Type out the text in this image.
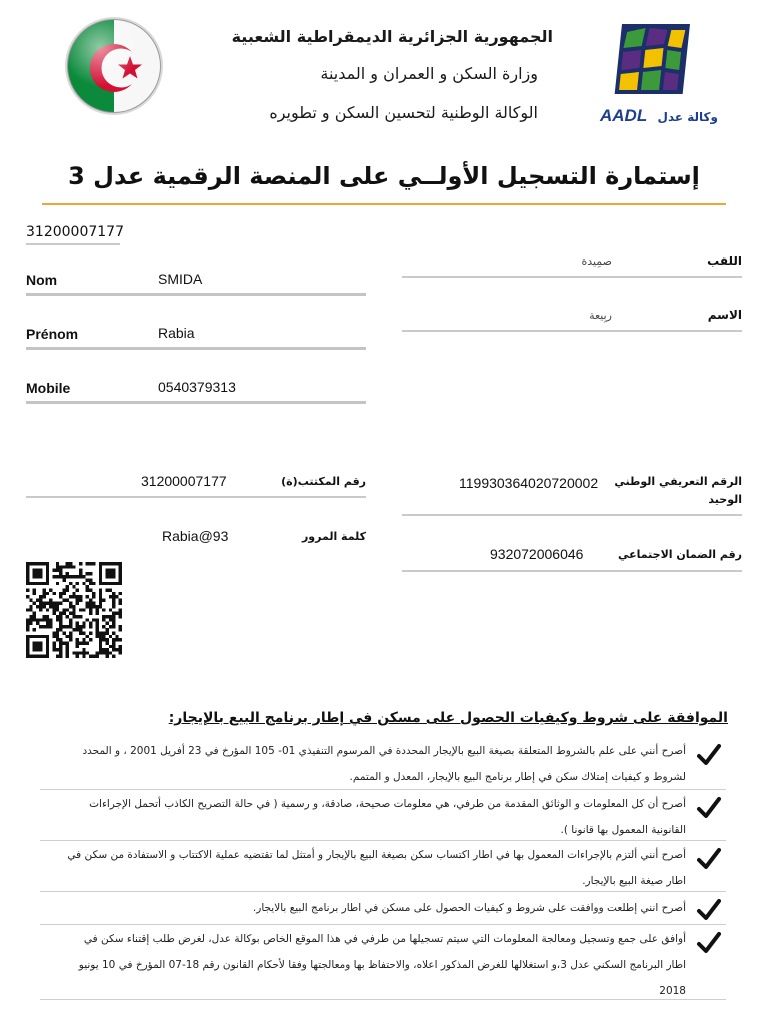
الجمهورية الجزائرية الديمقراطية الشعبية
وزارة السكن و العمران و المدينة
الوكالة الوطنية لتحسين السكن و تطويره	AADL وكالة عدل
إستمارة التسجيل الأولــي على المنصة الرقمية عدل 3
31200007177
Nom	SMIDA
Prénom	Rabia
Mobile	0540379313
اللقب
صمِيدة
الاسم
ربِيعة
31200007177	رقم المكتتب(ة)
Rabia@93	كلمة المرور
119930364020720002 الرقم التعريفي الوطني
الوحيد
932072006046	رقم الضمان الاجتماعي
الموافقة على شروط وكيفيات الحصول على مسكن في إطار برنامج البيع بالإيجار:
أصرح أنني على علم بالشروط المتعلقة بصيغة البيع بالإيجار المحددة في المرسوم التنفيذي 01- 105 المؤرخ في 23 أفريل 2001 ، و المحدد لشروط و كيفيات إمتلاك سكن في إطار برنامج البيع بالإيجار، المعدل و المتمم.
أصرح أن كل المعلومات و الوثائق المقدمة من طرفي، هي معلومات صحيحة، صادقة، و رسمية ( في حالة التصريح الكاذب أتحمل الإجراءات القانونية المعمول بها قانونا ).
أصرح أنني ألتزم بالإجراءات المعمول بها في اطار اكتساب سكن بصيغة البيع بالإيجار و أمتثل لما تقتضيه عملية الاكتتاب و الاستفادة من سكن في اطار صيغة البيع بالإيجار.
أصرح انني إطلعت ووافقت على شروط و كيفيات الحصول على مسكن في اطار برنامج البيع بالايجار.
أوافق على جمع وتسجيل ومعالجة المعلومات التي سيتم تسجيلها من طرفي في هذا الموقع الخاص بوكالة عدل، لغرض طلب إقتناء سكن في اطار البرنامج السكني عدل 3،و استغلالها للغرض المذكور اعلاه، والاحتفاظ بها ومعالجتها وفقا لأحكام القانون رقم 18-07 المؤرخ في 10 يونيو 2018
